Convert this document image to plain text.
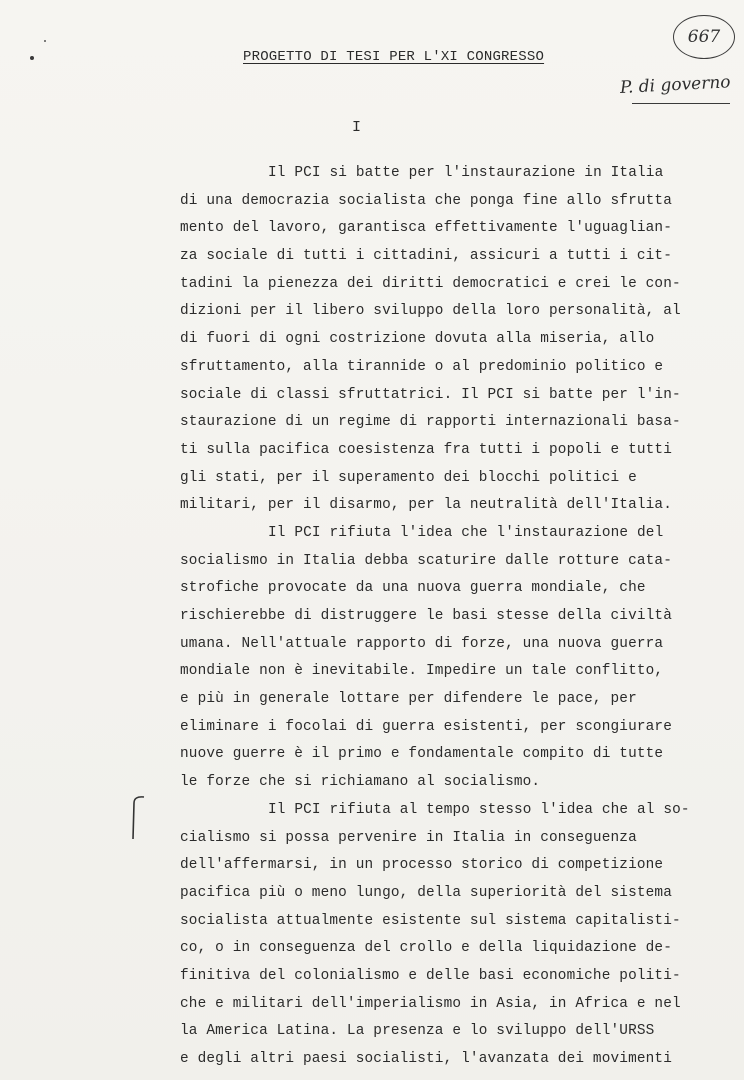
PROGETTO DI TESI PER L'XI CONGRESSO
667
P. di governo
I
Il PCI si batte per l'instaurazione in Italia
di una democrazia socialista che ponga fine allo sfrutta
mento del lavoro, garantisca effettivamente l'uguaglian-
za sociale di tutti i cittadini, assicuri a tutti i cit-
tadini la pienezza dei diritti democratici e crei le con-
dizioni per il libero sviluppo della loro personalità, al
di fuori di ogni costrizione dovuta alla miseria, allo
sfruttamento, alla tirannide o al predominio politico e
sociale di classi sfruttatrici. Il PCI si batte per l'in-
staurazione di un regime di rapporti internazionali basa-
ti sulla pacifica coesistenza fra tutti i popoli e tutti
gli stati, per il superamento dei blocchi politici e
militari, per il disarmo, per la neutralità dell'Italia.
Il PCI rifiuta l'idea che l'instaurazione del
socialismo in Italia debba scaturire dalle rotture cata-
strofiche provocate da una nuova guerra mondiale, che
rischierebbe di distruggere le basi stesse della civiltà
umana. Nell'attuale rapporto di forze, una nuova guerra
mondiale non è inevitabile. Impedire un tale conflitto,
e più in generale lottare per difendere le pace, per
eliminare i focolai di guerra esistenti, per scongiurare
nuove guerre è il primo e fondamentale compito di tutte
le forze che si richiamano al socialismo.
Il PCI rifiuta al tempo stesso l'idea che al so-
cialismo si possa pervenire in Italia in conseguenza
dell'affermarsi, in un processo storico di competizione
pacifica più o meno lungo, della superiorità del sistema
socialista attualmente esistente sul sistema capitalisti-
co, o in conseguenza del crollo e della liquidazione de-
finitiva del colonialismo e delle basi economiche politi-
che e militari dell'imperialismo in Asia, in Africa e nel
la America Latina. La presenza e lo sviluppo dell'URSS
e degli altri paesi socialisti, l'avanzata dei movimenti
